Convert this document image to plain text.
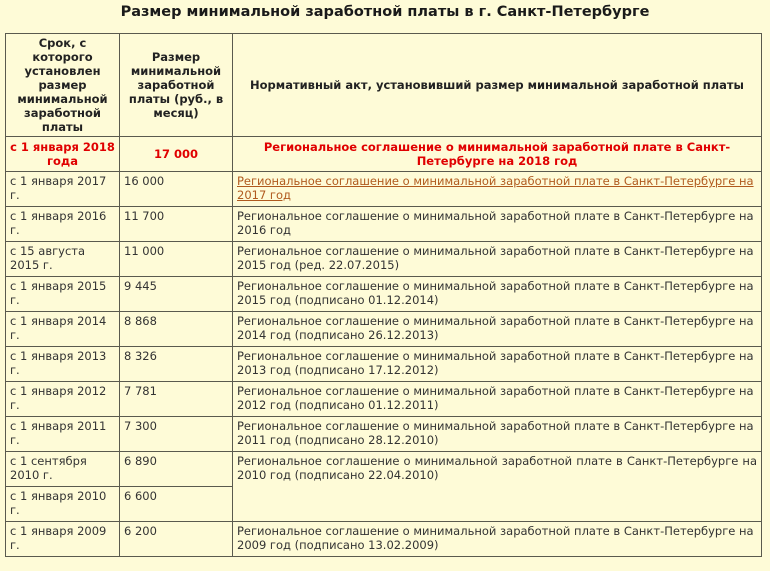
Размер минимальной заработной платы в г. Санкт-Петербурге
Срок, с которого установлен размер минимальной заработной платы	Размер минимальной заработной платы (руб., в месяц)	Нормативный акт, установивший размер минимальной заработной платы
с 1 января 2018 года	17 000	Региональное соглашение о минимальной заработной плате в Санкт-Петербурге на 2018 год
с 1 января 2017 г.	16 000	Региональное соглашение о минимальной заработной плате в Санкт-Петербурге на 2017 год
с 1 января 2016 г.	11 700	Региональное соглашение о минимальной заработной плате в Санкт-Петербурге на 2016 год
с 15 августа 2015 г.	11 000	Региональное соглашение о минимальной заработной плате в Санкт-Петербурге на 2015 год (ред. 22.07.2015)
с 1 января 2015 г.	9 445	Региональное соглашение о минимальной заработной плате в Санкт-Петербурге на 2015 год (подписано 01.12.2014)
с 1 января 2014 г.	8 868	Региональное соглашение о минимальной заработной плате в Санкт-Петербурге на 2014 год (подписано 26.12.2013)
с 1 января 2013 г.	8 326	Региональное соглашение о минимальной заработной плате в Санкт-Петербурге на 2013 год (подписано 17.12.2012)
с 1 января 2012 г.	7 781	Региональное соглашение о минимальной заработной плате в Санкт-Петербурге на 2012 год (подписано 01.12.2011)
с 1 января 2011 г.	7 300	Региональное соглашение о минимальной заработной плате в Санкт-Петербурге на 2011 год (подписано 28.12.2010)
с 1 сентября 2010 г.	6 890	Региональное соглашение о минимальной заработной плате в Санкт-Петербурге на 2010 год (подписано 22.04.2010)
с 1 января 2010 г.	6 600	
с 1 января 2009 г.	6 200	Региональное соглашение о минимальной заработной плате в Санкт-Петербурге на 2009 год (подписано 13.02.2009)
